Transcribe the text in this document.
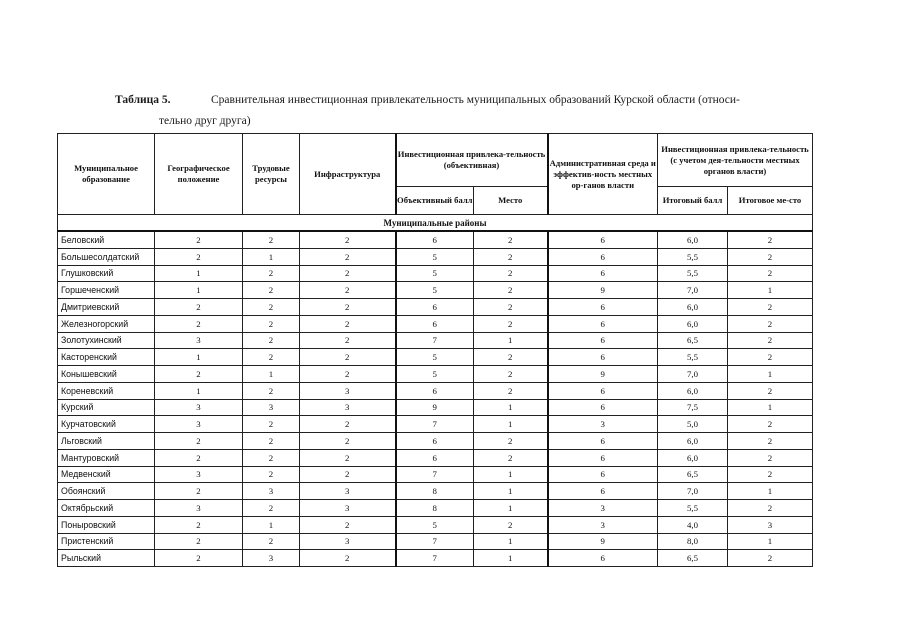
Таблица 5.	Сравнительная инвестиционная привлекательность муниципальных образований Курской области (относи-
тельно друг друга)
Муниципальное образование	Географическое положение	Трудовые ресурсы	Инфраструктура	Инвестиционная привлека-тельность (объективная)		Административная среда и эффектив-ность местных ор-ганов власти	Инвестиционная привлека-тельность (с учетом дея-тельности местных органов власти)	
				Объективный балл	Место		Итоговый балл	Итоговое ме-сто
Муниципальные районы								
Беловский	2	2	2	6	2	6	6,0	2
Большесолдатский	2	1	2	5	2	6	5,5	2
Глушковский	1	2	2	5	2	6	5,5	2
Горшеченский	1	2	2	5	2	9	7,0	1
Дмитриевский	2	2	2	6	2	6	6,0	2
Железногорский	2	2	2	6	2	6	6,0	2
Золотухинский	3	2	2	7	1	6	6,5	2
Касторенский	1	2	2	5	2	6	5,5	2
Конышевский	2	1	2	5	2	9	7,0	1
Кореневский	1	2	3	6	2	6	6,0	2
Курский	3	3	3	9	1	6	7,5	1
Курчатовский	3	2	2	7	1	3	5,0	2
Льговский	2	2	2	6	2	6	6,0	2
Мантуровский	2	2	2	6	2	6	6,0	2
Медвенский	3	2	2	7	1	6	6,5	2
Обоянский	2	3	3	8	1	6	7,0	1
Октябрьский	3	2	3	8	1	3	5,5	2
Поныровский	2	1	2	5	2	3	4,0	3
Пристенский	2	2	3	7	1	9	8,0	1
Рыльский	2	3	2	7	1	6	6,5	2
